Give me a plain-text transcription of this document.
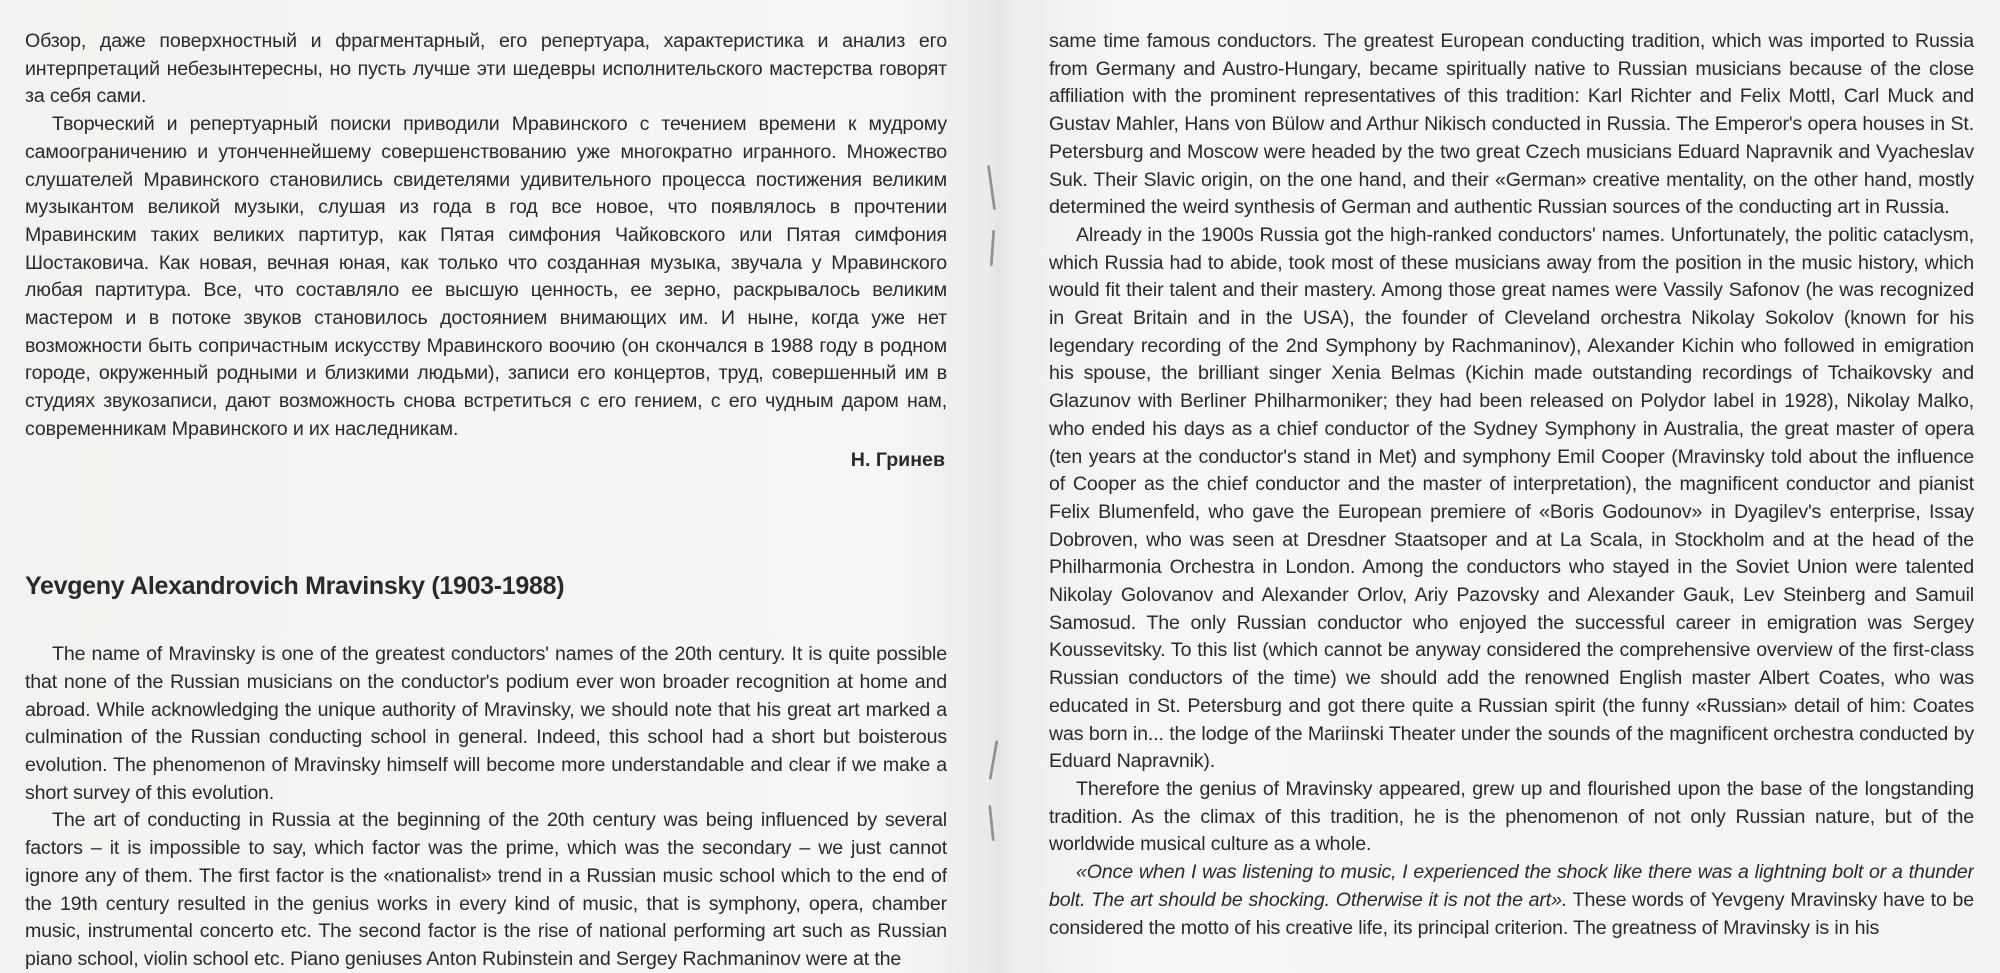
Обзор, даже поверхностный и фрагментарный, его репертуара, характеристика и анализ его интерпретаций небезынтересны, но пусть лучше эти шедевры исполнительского мастерства говорят за себя сами.

Творческий и репертуарный поиски приводили Мравинского с течением времени к мудрому самоограничению и утонченнейшему совершенствованию уже многократно игранного. Множество слушателей Мравинского становились свидетелями удивительного процесса постижения великим музыкантом великой музыки, слушая из года в год все новое, что появлялось в прочтении Мравинским таких великих партитур, как Пятая симфония Чайковского или Пятая симфония Шостаковича. Как новая, вечная юная, как только что созданная музыка, звучала у Мравинского любая партитура. Все, что составляло ее высшую ценность, ее зерно, раскрывалось великим мастером и в потоке звуков становилось достоянием внимающих им. И ныне, когда уже нет возможности быть сопричастным искусству Мравинского воочию (он скончался в 1988 году в родном городе, окруженный родными и близкими людьми), записи его концертов, труд, совершенный им в студиях звукозаписи, дают возможность снова встретиться с его гением, с его чудным даром нам, современникам Мравинского и их наследникам.

Н. Гринев
Yevgeny Alexandrovich Mravinsky (1903-1988)

The name of Mravinsky is one of the greatest conductors' names of the 20th century. It is quite possible that none of the Russian musicians on the conductor's podium ever won broader recognition at home and abroad. While acknowledging the unique authority of Mravinsky, we should note that his great art marked a culmination of the Russian conducting school in general. Indeed, this school had a short but boisterous evolution. The phenomenon of Mravinsky himself will become more understandable and clear if we make a short survey of this evolution.

The art of conducting in Russia at the beginning of the 20th century was being influenced by several factors – it is impossible to say, which factor was the prime, which was the secondary – we just cannot ignore any of them. The first factor is the «nationalist» trend in a Russian music school which to the end of the 19th century resulted in the genius works in every kind of music, that is symphony, opera, chamber music, instrumental concerto etc. The second factor is the rise of national performing art such as Russian piano school, violin school etc. Piano geniuses Anton Rubinstein and Sergey Rachmaninov were at the

same time famous conductors. The greatest European conducting tradition, which was imported to Russia from Germany and Austro-Hungary, became spiritually native to Russian musicians because of the close affiliation with the prominent representatives of this tradition: Karl Richter and Felix Mottl, Carl Muck and Gustav Mahler, Hans von Bülow and Arthur Nikisch conducted in Russia. The Emperor's opera houses in St. Petersburg and Moscow were headed by the two great Czech musicians Eduard Napravnik and Vyacheslav Suk. Their Slavic origin, on the one hand, and their «German» creative mentality, on the other hand, mostly determined the weird synthesis of German and authentic Russian sources of the conducting art in Russia.

Already in the 1900s Russia got the high-ranked conductors' names. Unfortunately, the politic cataclysm, which Russia had to abide, took most of these musicians away from the position in the music history, which would fit their talent and their mastery. Among those great names were Vassily Safonov (he was recognized in Great Britain and in the USA), the founder of Cleveland orchestra Nikolay Sokolov (known for his legendary recording of the 2nd Symphony by Rachmaninov), Alexander Kichin who followed in emigration his spouse, the brilliant singer Xenia Belmas (Kichin made outstanding recordings of Tchaikovsky and Glazunov with Berliner Philharmoniker; they had been released on Polydor label in 1928), Nikolay Malko, who ended his days as a chief conductor of the Sydney Symphony in Australia, the great master of opera (ten years at the conductor's stand in Met) and symphony Emil Cooper (Mravinsky told about the influence of Cooper as the chief conductor and the master of interpretation), the magnificent conductor and pianist Felix Blumenfeld, who gave the European premiere of «Boris Godounov» in Dyagilev's enterprise, Issay Dobroven, who was seen at Dresdner Staatsoper and at La Scala, in Stockholm and at the head of the Philharmonia Orchestra in London. Among the conductors who stayed in the Soviet Union were talented Nikolay Golovanov and Alexander Orlov, Ariy Pazovsky and Alexander Gauk, Lev Steinberg and Samuil Samosud. The only Russian conductor who enjoyed the successful career in emigration was Sergey Koussevitsky. To this list (which cannot be anyway considered the comprehensive overview of the first-class Russian conductors of the time) we should add the renowned English master Albert Coates, who was educated in St. Petersburg and got there quite a Russian spirit (the funny «Russian» detail of him: Coates was born in... the lodge of the Mariinski Theater under the sounds of the magnificent orchestra conducted by Eduard Napravnik).

Therefore the genius of Mravinsky appeared, grew up and flourished upon the base of the longstanding tradition. As the climax of this tradition, he is the phenomenon of not only Russian nature, but of the worldwide musical culture as a whole.

«Once when I was listening to music, I experienced the shock like there was a lightning bolt or a thunder bolt. The art should be shocking. Otherwise it is not the art». These words of Yevgeny Mravinsky have to be considered the motto of his creative life, its principal criterion. The greatness of Mravinsky is in his
